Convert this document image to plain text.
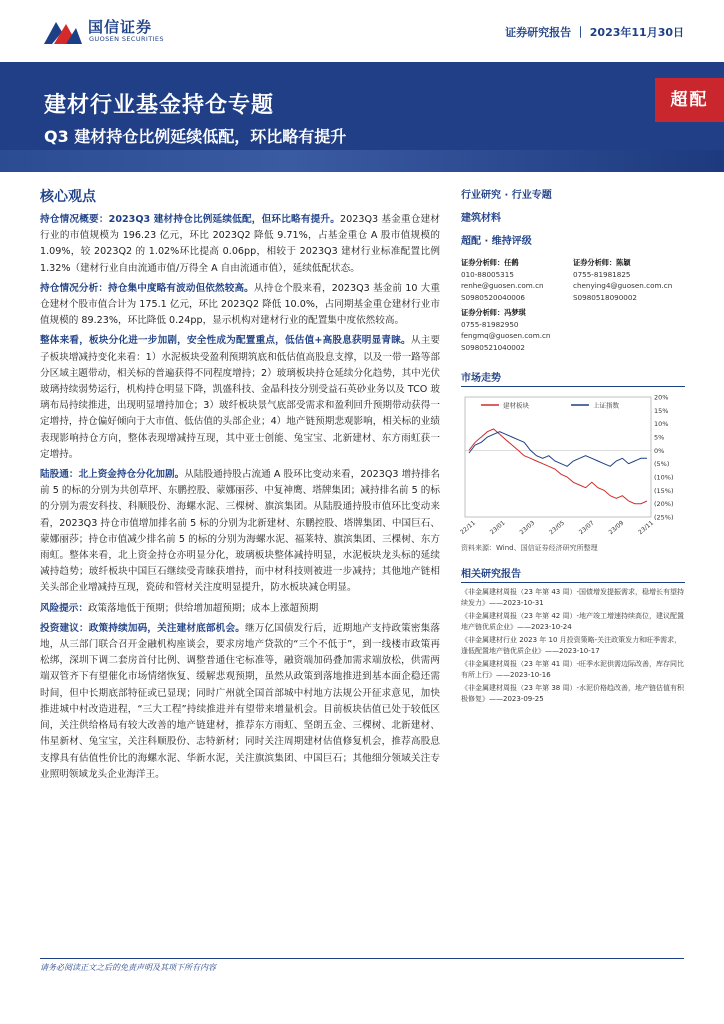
国信证券
GUOSEN SECURITIES	证券研究报告 ｜ 2023年11月30日
建材行业基金持仓专题
Q3 建材持仓比例延续低配，环比略有提升
超配
核心观点
持仓情况概要：2023Q3 建材持仓比例延续低配，但环比略有提升。2023Q3 基金重仓建材行业的市值规模为 196.23 亿元，环比 2023Q2 降低 9.71%，占基金重仓 A 股市值规模的 1.09%，较 2023Q2 的 1.02%环比提高 0.06pp，相较于 2023Q3 建材行业标准配置比例 1.32%（建材行业自由流通市值/万得全 A 自由流通市值），延续低配状态。
持仓情况分析：持仓集中度略有波动但依然较高。从持仓个股来看，2023Q3 基金前 10 大重仓建材个股市值合计为 175.1 亿元，环比 2023Q2 降低 10.0%，占同期基金重仓建材行业市值规模的 89.23%，环比降低 0.24pp，显示机构对建材行业的配置集中度依然较高。
整体来看，板块分化进一步加剧，安全性成为配置重点，低估值+高股息获明显青睐。从主要子板块增减持变化来看：1）水泥板块受盈利预期筑底和低估值高股息支撑，以及一带一路等部分区域主题带动，相关标的普遍获得不同程度增持；2）玻璃板块持仓延续分化趋势，其中光伏玻璃持续弱势运行，机构持仓明显下降，凯盛科技、金晶科技分别受益石英砂业务以及 TCO 玻璃布局持续推进，出现明显增持加仓；3）玻纤板块景气底部受需求和盈利回升预期带动获得一定增持，持仓偏好倾向于大市值、低估值的头部企业；4）地产链预期悲观影响，相关标的业绩表现影响持仓方向，整体表现增减持互现，其中亚士创能、兔宝宝、北新建材、东方雨虹获一定增持。
陆股通：北上资金持仓分化加剧。从陆股通持股占流通 A 股环比变动来看，2023Q3 增持排名前 5 的标的分别为共创草坪、东鹏控股、蒙娜丽莎、中复神鹰、塔牌集团；减持排名前 5 的标的分别为震安科技、科顺股份、海螺水泥、三棵树、旗滨集团。从陆股通持股市值环比变动来看，2023Q3 持仓市值增加排名前 5 标的分别为北新建材、东鹏控股、塔牌集团、中国巨石、蒙娜丽莎；持仓市值减少排名前 5 的标的分别为海螺水泥、福莱特、旗滨集团、三棵树、东方雨虹。整体来看，北上资金持仓亦明显分化，玻璃板块整体减持明显，水泥板块龙头标的延续减持趋势；玻纤板块中国巨石继续受青睐获增持，而中材科技则被进一步减持；其他地产链相关头部企业增减持互现，瓷砖和管材关注度明显提升，防水板块减仓明显。
风险提示：政策落地低于预期；供给增加超预期；成本上涨超预期
投资建议：政策持续加码，关注建材底部机会。继万亿国债发行后，近期地产支持政策密集落地，从三部门联合召开金融机构座谈会，要求房地产贷款的“三个不低于”，到一线楼市政策再松绑，深圳下调二套房首付比例、调整普通住宅标准等，融资端加码叠加需求端放松，供需两端双管齐下有望催化市场情绪恢复、缓解悲观预期，虽然从政策到落地推进到基本面企稳还需时间，但中长期底部特征或已显现；同时广州就全国首部城中村地方法规公开征求意见，加快推进城中村改造进程，“三大工程”持续推进并有望带来增量机会。目前板块估值已处于较低区间，关注供给格局有较大改善的地产链建材，推荐东方雨虹、坚朗五金、三棵树、北新建材、伟星新材、兔宝宝，关注科顺股份、志特新材；同时关注周期建材估值修复机会，推荐高股息支撑具有估值性价比的海螺水泥、华新水泥，关注旗滨集团、中国巨石；其他细分领域关注专业照明领域龙头企业海洋王。
行业研究 · 行业专题
建筑材料
超配 · 维持评级
证券分析师：任鹤
010-88005315
renhe@guosen.com.cn
S0980520040006
证券分析师：陈颖
0755-81981825
chenying4@guosen.com.cn
S0980518090002
证券分析师：冯梦琪
0755-81982950
fengmq@guosen.com.cn
S0980521040002
市场走势
20%
15%
10%
5%
0%
(5%)
(10%)
(15%)
(20%)
(25%)
22/11 23/01 23/03 23/05 23/07 23/09 23/11
建材板块	上证指数
资料来源：Wind、国信证券经济研究所整理
相关研究报告
《非金属建材周报（23 年第 43 周）-国债增发提振需求，稳增长有望持续发力》——2023-10-31
《非金属建材周报（23 年第 42 周）-地产竣工增速持续高位，建议配置地产链优质企业》——2023-10-24
《非金属建材行业 2023 年 10 月投资策略-关注政策发力和旺季需求，逢低配置地产链优质企业》——2023-10-17
《非金属建材周报（23 年第 41 周）-旺季水泥供需边际改善，库存同比有所上行》——2023-10-16
《非金属建材周报（23 年第 38 周）-水泥价格趋改善，地产链估值有积极修复》——2023-09-25
请务必阅读正文之后的免责声明及其项下所有内容
